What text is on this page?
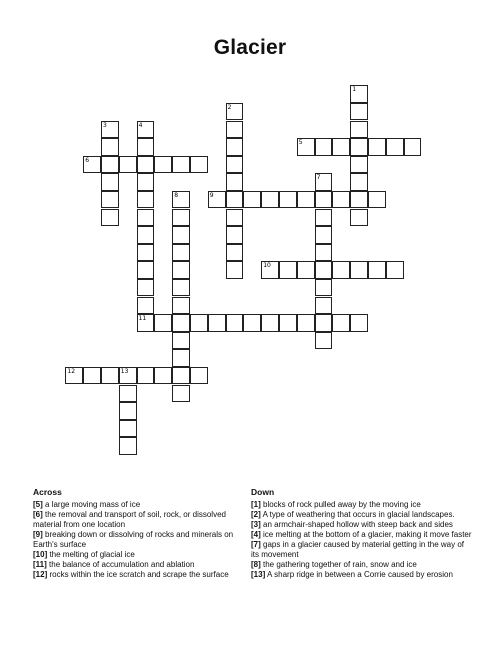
Glacier
1
2
3	4
11
5
6
7
8	9
10
12	13
Across
[5] a large moving mass of ice
[6] the removal and transport of soil, rock, or dissolved material from one location
[9] breaking down or dissolving of rocks and minerals on Earth's surface
[10] the melting of glacial ice
[11] the balance of accumulation and ablation
[12] rocks within the ice scratch and scrape the surface
Down
[1] blocks of rock pulled away by the moving ice
[2] A type of weathering that occurs in glacial landscapes.
[3] an armchair-shaped hollow with steep back and sides
[4] ice melting at the bottom of a glacier, making it move faster
[7] gaps in a glacier caused by material getting in the way of its movement
[8] the gathering together of rain, snow and ice
[13] A sharp ridge in between a Corrie caused by erosion
